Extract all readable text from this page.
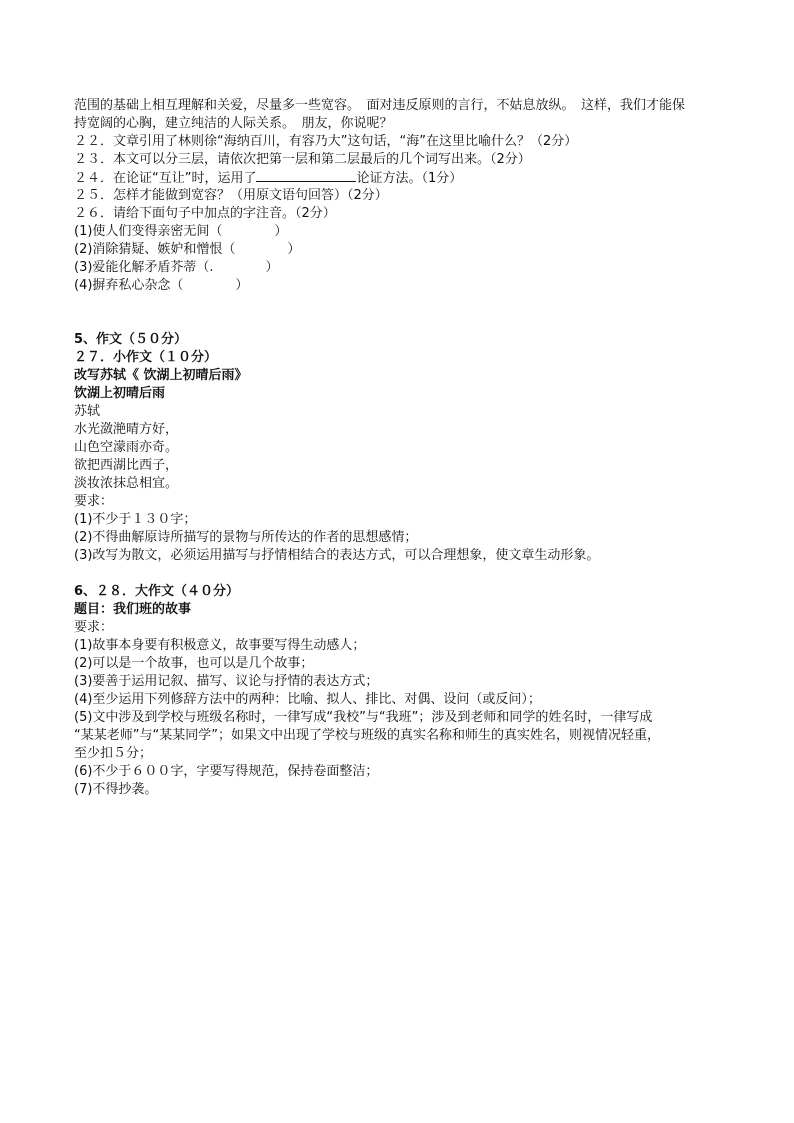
范围的基础上相互理解和关爱，尽量多一些宽容。　面对违反原则的言行，不姑息放纵。　这样，我们才能保
持宽阔的心胸，建立纯洁的人际关系。　朋友，你说呢？
２２．文章引用了林则徐“海纳百川，有容乃大”这句话，“海”在这里比喻什么？（2分）
２３．本文可以分三层，请依次把第一层和第二层最后的几个词写出来。（2分）
２４．在论证“互让”时，运用了	论证方法。（1分）
２５．怎样才能做到宽容？（用原文语句回答）（2分）
２６．请给下面句子中加点的字注音。（2分）
(1)使人们变得亲密无间（　　　　）
(2)消除猜疑、嫉妒和憎恨（　　　　）
(3)爱能化解矛盾芥蒂（.　　　　）
(4)摒弃私心杂念（　　　　）
5、作文（５０分）
２７．小作文（１０分）
改写苏轼《 饮湖上初晴后雨》
饮湖上初晴后雨
苏轼
水光潋滟晴方好，
山色空濛雨亦奇。
欲把西湖比西子，
淡妆浓抹总相宜。
要求：
(1)不少于１３０字；
(2)不得曲解原诗所描写的景物与所传达的作者的思想感情；
(3)改写为散文，必须运用描写与抒情相结合的表达方式，可以合理想象，使文章生动形象。
6、２８．大作文（４０分）
题目：我们班的故事
要求：
(1)故事本身要有积极意义，故事要写得生动感人；
(2)可以是一个故事，也可以是几个故事；
(3)要善于运用记叙、描写、议论与抒情的表达方式；
(4)至少运用下列修辞方法中的两种：比喻、拟人、排比、对偶、设问（或反问）；
(5)文中涉及到学校与班级名称时，一律写成“我校”与“我班”；涉及到老师和同学的姓名时，一律写成
“某某老师”与“某某同学”；如果文中出现了学校与班级的真实名称和师生的真实姓名，则视情况轻重，
至少扣５分；
(6)不少于６００字，字要写得规范，保持卷面整洁；
(7)不得抄袭。
